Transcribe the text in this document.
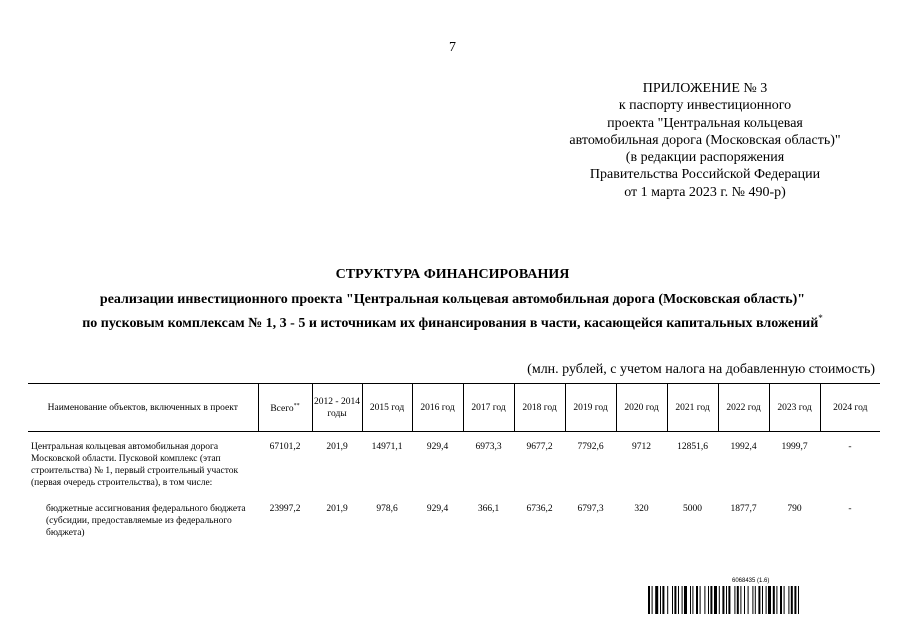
7
ПРИЛОЖЕНИЕ № 3
к паспорту инвестиционного
проекта "Центральная кольцевая
автомобильная дорога (Московская область)"
(в редакции распоряжения
Правительства Российской Федерации
от 1 марта 2023 г. № 490-р)
СТРУКТУРА ФИНАНСИРОВАНИЯ
реализации инвестиционного проекта "Центральная кольцевая автомобильная дорога (Московская область)"
по пусковым комплексам № 1, 3 - 5 и источникам их финансирования в части, касающейся капитальных вложений*
(млн. рублей, с учетом налога на добавленную стоимость)
Наименование объектов, включенных в проект	Всего**	2012 - 2014 годы	2015 год	2016 год	2017 год	2018 год	2019 год	2020 год	2021 год	2022 год	2023 год	2024 год
Центральная кольцевая автомобильная дорога Московской области. Пусковой комплекс (этап строительства) № 1, первый строительный участок (первая очередь строительства), в том числе:	67101,2	201,9	14971,1	929,4	6973,3	9677,2	7792,6	9712	12851,6	1992,4	1999,7	-
бюджетные ассигнования федерального бюджета (субсидии, предоставляемые из федерального бюджета)	23997,2	201,9	978,6	929,4	366,1	6736,2	6797,3	320	5000	1877,7	790	-
6068435 (1.6)
